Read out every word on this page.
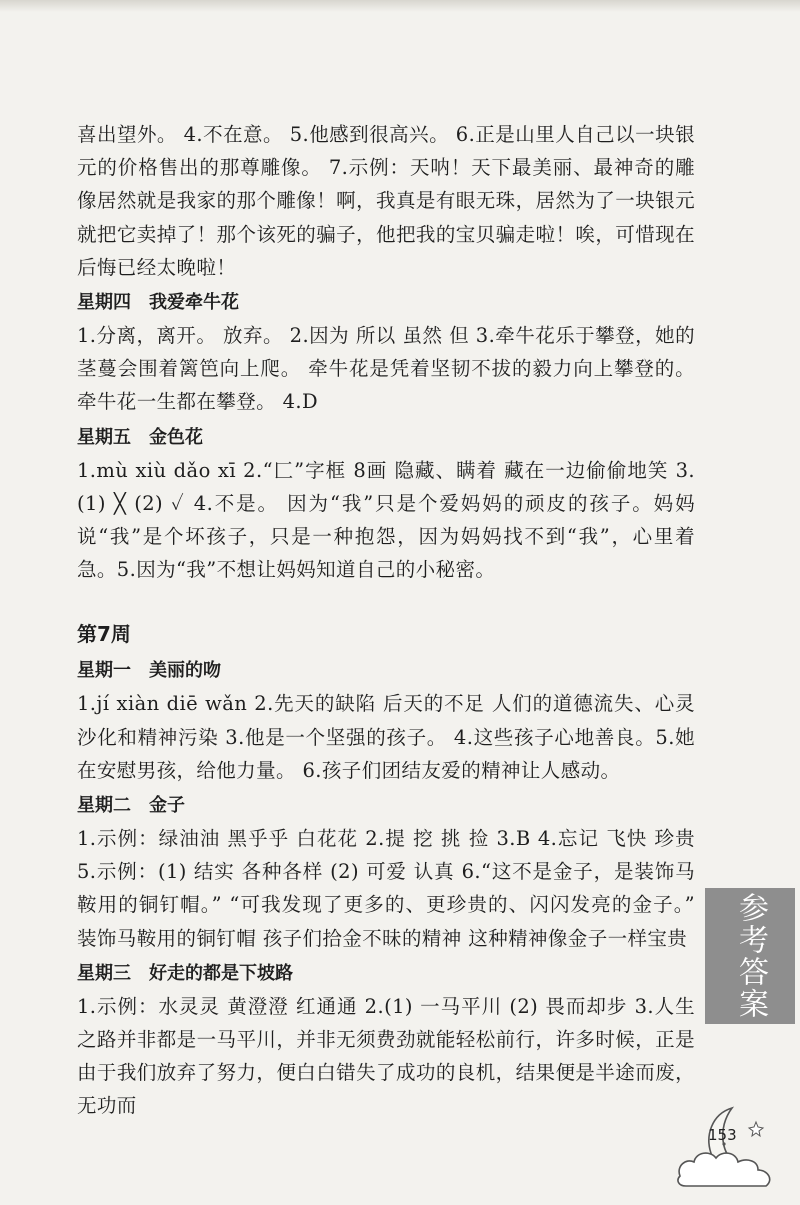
喜出望外。 4.不在意。 5.他感到很高兴。 6.正是山里人自己以一块银元的价格售出的那尊雕像。 7.示例：天呐！天下最美丽、最神奇的雕像居然就是我家的那个雕像！啊，我真是有眼无珠，居然为了一块银元就把它卖掉了！那个该死的骗子，他把我的宝贝骗走啦！唉，可惜现在后悔已经太晚啦！

星期四 我爱牵牛花

1.分离，离开。 放弃。 2.因为 所以 虽然 但 3.牵牛花乐于攀登，她的茎蔓会围着篱笆向上爬。 牵牛花是凭着坚韧不拔的毅力向上攀登的。 牵牛花一生都在攀登。 4.D

星期五 金色花

1.mù xiù dǎo xī 2.“匚”字框 8画 隐藏、瞒着 藏在一边偷偷地笑 3.(1) ╳ (2) ✓ 4.不是。 因为“我”只是个爱妈妈的顽皮的孩子。妈妈说“我”是个坏孩子，只是一种抱怨，因为妈妈找不到“我”，心里着急。5.因为“我”不想让妈妈知道自己的小秘密。

第7周

星期一 美丽的吻

1.jí xiàn diē wǎn 2.先天的缺陷 后天的不足 人们的道德流失、心灵沙化和精神污染 3.他是一个坚强的孩子。 4.这些孩子心地善良。5.她在安慰男孩，给他力量。 6.孩子们团结友爱的精神让人感动。

星期二 金子

1.示例：绿油油 黑乎乎 白花花 2.提 挖 挑 捡 3.B 4.忘记 飞快 珍贵 5.示例：(1) 结实 各种各样 (2) 可爱 认真 6.“这不是金子，是装饰马鞍用的铜钉帽。” “可我发现了更多的、更珍贵的、闪闪发亮的金子。” 装饰马鞍用的铜钉帽 孩子们拾金不昧的精神 这种精神像金子一样宝贵

星期三 好走的都是下坡路

1.示例：水灵灵 黄澄澄 红通通 2.(1) 一马平川 (2) 畏而却步 3.人生之路并非都是一马平川，并非无须费劲就能轻松前行，许多时候，正是由于我们放弃了努力，便白白错失了成功的良机，结果便是半途而废，无功而

参考答案
153
